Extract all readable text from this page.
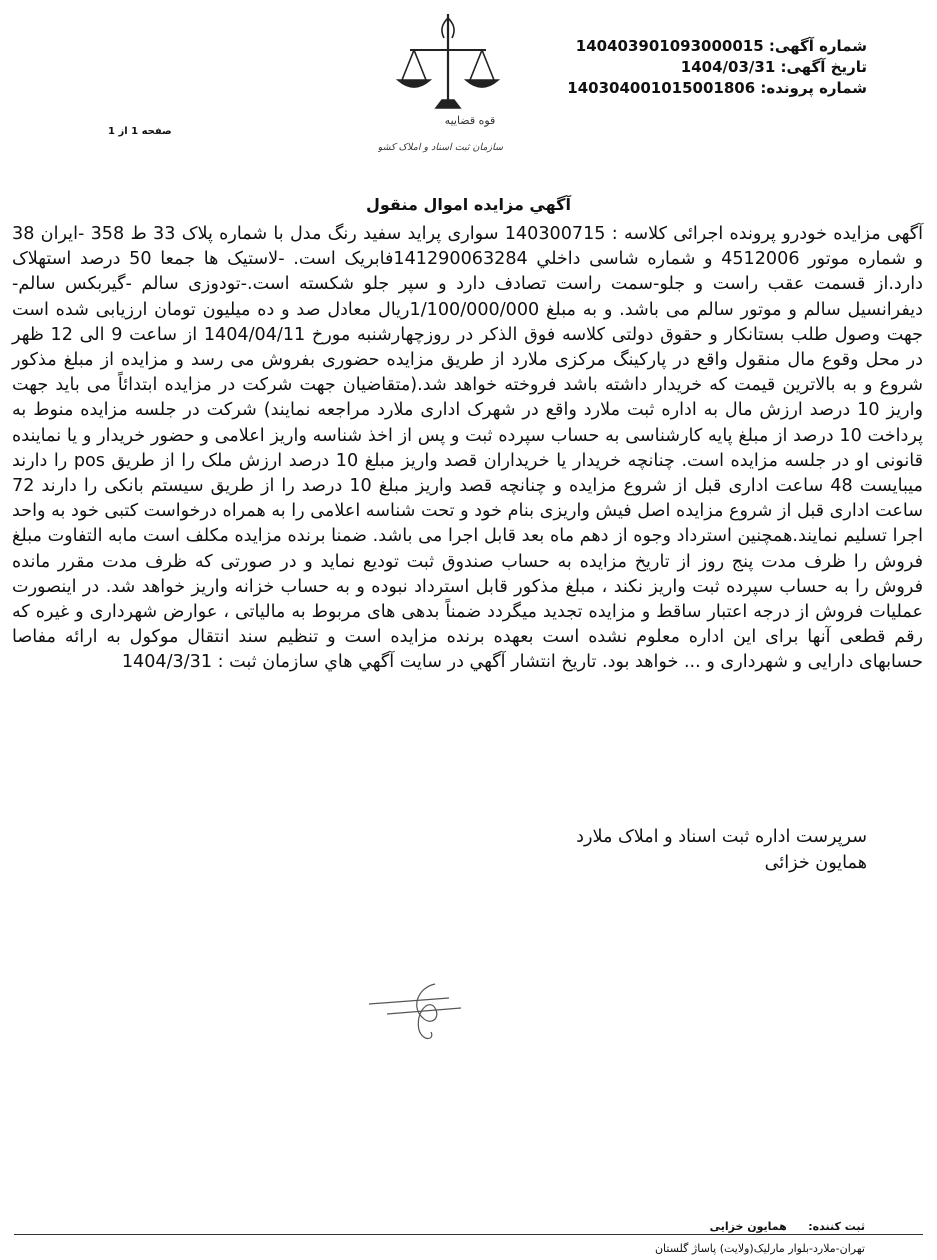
قوه قضاییه
سازمان ثبت اسناد و املاک کشور
شماره آگهی: 14040390109300001​5
تاریخ آگهی: 1404/03/31
شماره پرونده: 14030400101500180​6
صفحه 1 از 1
آگهي مزايده اموال منقول

آگهی مزایده خودرو پرونده اجرائی کلاسه : 140300715 سواری پراید سفید رنگ مدل با شماره پلاک 33 ط 358 -ایران 38 و شماره موتور 4512006 و شماره شاسی داخلي 141290063284فابریک است. -لاستیک ها جمعا 50 درصد استهلاک دارد.از قسمت عقب راست و جلو-سمت راست تصادف دارد و سپر جلو شکسته است.-تودوزی سالم -گیربکس سالم-دیفرانسیل سالم و موتور سالم می باشد. و به مبلغ 1/100/000/000ریال معادل صد و ده میلیون تومان ارزیابی شده است جهت وصول طلب بستانکار و حقوق دولتی کلاسه فوق الذکر در روزچهارشنبه مورخ 1404/04/11 از ساعت 9 الی 12 ظهر در محل وقوع مال منقول واقع در پارکینگ مرکزی ملارد از طریق مزایده حضوری بفروش می رسد و مزایده از مبلغ مذکور شروع و به بالاترین قیمت که خریدار داشته باشد فروخته خواهد شد.(متقاضیان جهت شرکت در مزایده ابتدائاً می باید جهت واریز 10 درصد ارزش مال به اداره ثبت ملارد واقع در شهرک اداری ملارد مراجعه نمایند) شرکت در جلسه مزایده منوط به پرداخت 10 درصد از مبلغ پایه کارشناسی به حساب سپرده ثبت و پس از اخذ شناسه واریز اعلامی و حضور خریدار و یا نماینده قانونی او در جلسه مزایده است. چنانچه خریدار یا خریداران قصد واریز مبلغ 10 درصد ارزش ملک را از طریق pos را دارند میبایست 48 ساعت اداری قبل از شروع مزایده و چنانچه قصد واریز مبلغ 10 درصد را از طریق سیستم بانکی را دارند 72 ساعت اداری قبل از شروع مزایده اصل فیش واریزی بنام خود و تحت شناسه اعلامی را به همراه درخواست کتبی خود به واحد اجرا تسلیم نمایند.همچنین استرداد وجوه از دهم ماه بعد قابل اجرا می باشد. ضمنا برنده مزایده مکلف است مابه التفاوت مبلغ فروش را ظرف مدت پنج روز از تاریخ مزایده به حساب صندوق ثبت توديع نماید و در صورتی که ظرف مدت مقرر مانده فروش را به حساب سپرده ثبت واریز نکند ، مبلغ مذکور قابل استرداد نبوده و به حساب خزانه واریز خواهد شد. در اینصورت عملیات فروش از درجه اعتبار ساقط و مزایده تجدید میگردد ضمناً بدهی های مربوط به مالیاتی ، عوارض شهرداری و غیره که رقم قطعی آنها برای این اداره معلوم نشده است بعهده برنده مزایده است و تنظیم سند انتقال موکول به ارائه مفاصا حسابهای دارایی و شهرداری و ... خواهد بود. تاریخ انتشار آگهي در سایت آگهي هاي سازمان ثبت : 1404/3/31

سرپرست اداره ثبت اسناد و املاک ملارد
همایون خزائی
ثبت کننده: همایون خزایی
تهران-ملارد-بلوار مارلیک(ولایت) پاساژ گلستان
